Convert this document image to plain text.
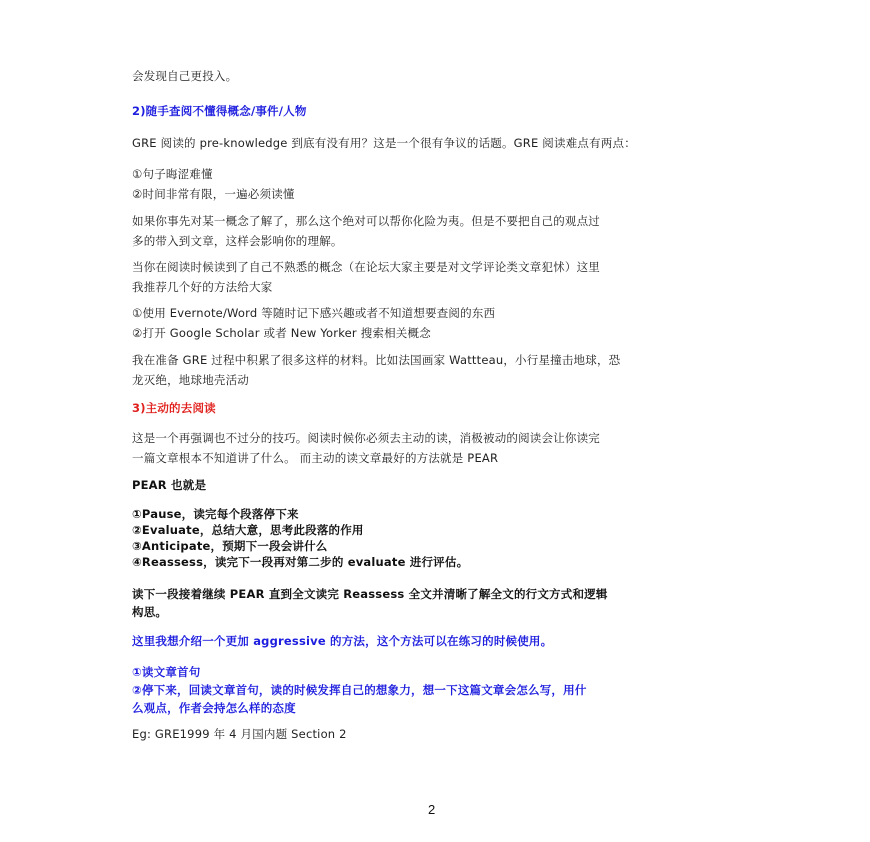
会发现自己更投入。
2)随手查阅不懂得概念/事件/人物
GRE 阅读的 pre-knowledge 到底有没有用？这是一个很有争议的话题。GRE 阅读难点有两点：
①句子晦涩难懂
②时间非常有限，一遍必须读懂
如果你事先对某一概念了解了，那么这个绝对可以帮你化险为夷。但是不要把自己的观点过
多的带入到文章，这样会影响你的理解。
当你在阅读时候读到了自己不熟悉的概念（在论坛大家主要是对文学评论类文章犯怵）这里
我推荐几个好的方法给大家
①使用 Evernote/Word 等随时记下感兴趣或者不知道想要查阅的东西
②打开 Google Scholar 或者 New Yorker 搜索相关概念
我在准备 GRE 过程中积累了很多这样的材料。比如法国画家 Wattteau，小行星撞击地球，恐
龙灭绝，地球地壳活动
3)主动的去阅读
这是一个再强调也不过分的技巧。阅读时候你必须去主动的读，消极被动的阅读会让你读完
一篇文章根本不知道讲了什么。 而主动的读文章最好的方法就是 PEAR
PEAR 也就是
①Pause，读完每个段落停下来
②Evaluate，总结大意，思考此段落的作用
③Anticipate，预期下一段会讲什么
④Reassess，读完下一段再对第二步的 evaluate 进行评估。
读下一段接着继续 PEAR 直到全文读完 Reassess 全文并清晰了解全文的行文方式和逻辑
构思。
这里我想介绍一个更加 aggressive 的方法，这个方法可以在练习的时候使用。
①读文章首句
②停下来，回读文章首句，读的时候发挥自己的想象力，想一下这篇文章会怎么写，用什
么观点，作者会持怎么样的态度
Eg: GRE1999 年 4 月国内题 Section 2
2
